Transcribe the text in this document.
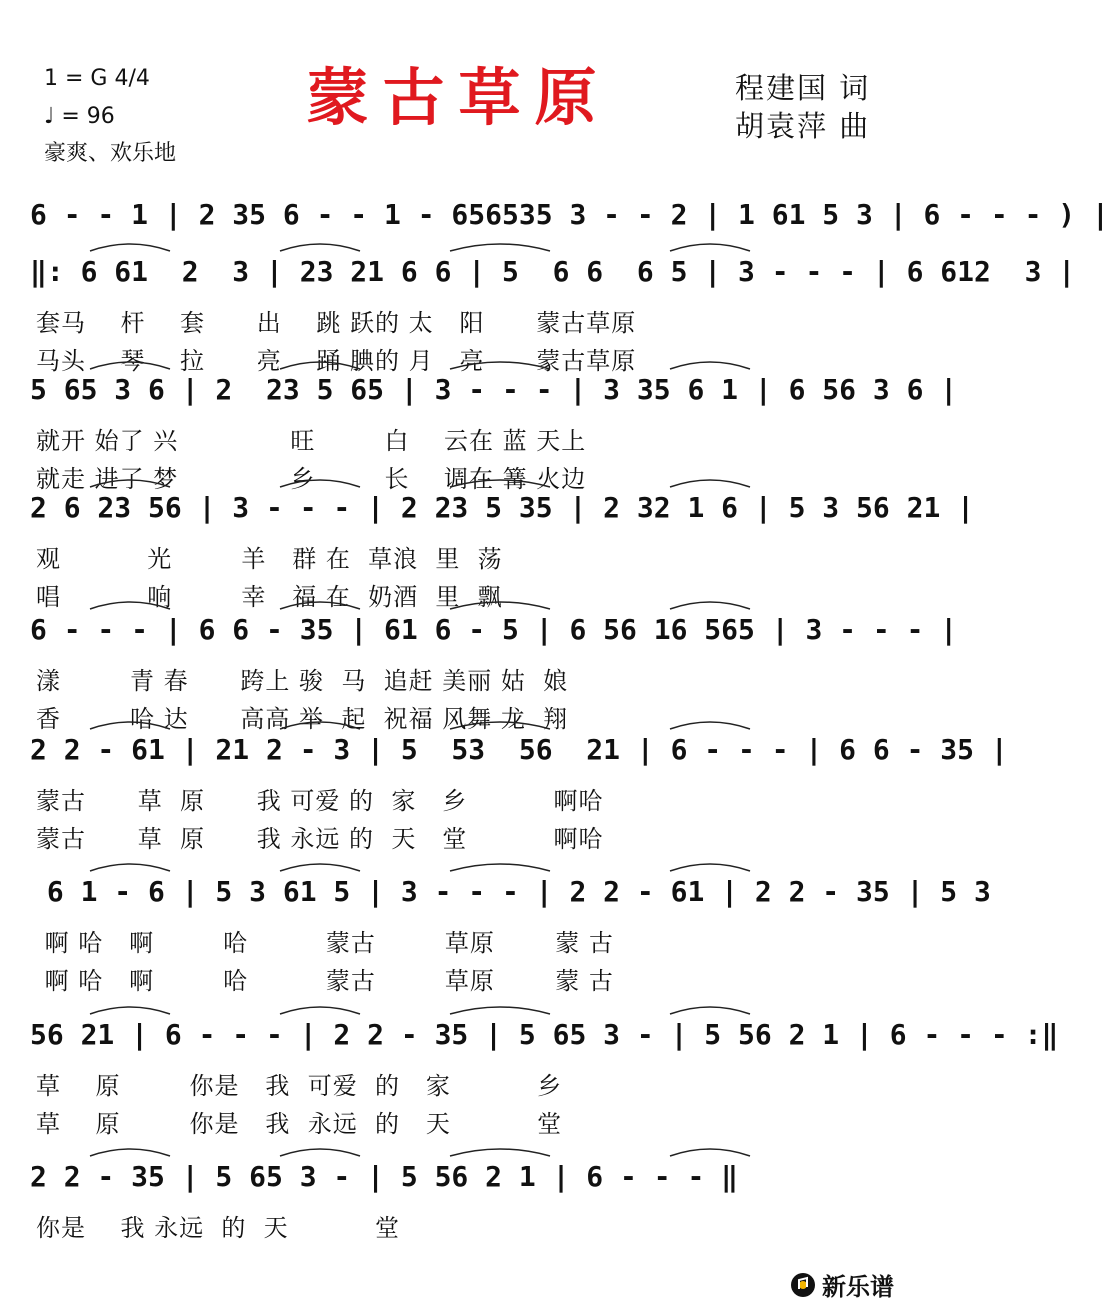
1 = G 4/4
♩ = 96
豪爽、欢乐地
蒙古草原	程建国 词
胡袁萍 曲
6 - - 1 | 2 35 6 - - 1 - 656535 3 - - 2 | 1 61 5 3 | 6 - - - ) |
‖: 6 61  2  3 | 23 21 6 6 | 5  6 6  6 5 | 3 - - - | 6 612  3 |
套马    杆    套      出    跳 跃的 太   阳      蒙古草原
马头    琴    拉      亮    踊 腆的 月   亮      蒙古草原
5 65 3 6 | 2  23 5 65 | 3 - - - | 3 35 6 1 | 6 56 3 6 |
就开 始了 兴             旺        白    云在 蓝 天上
就走 进了 梦             乡        长    调在 篝 火边
2 6 23 56 | 3 - - - | 2 23 5 35 | 2 32 1 6 | 5 3 56 21 |
观          光        羊   群 在  草浪  里  荡
唱          响        幸   福 在  奶酒  里  飘
6 - - - | 6 6 - 35 | 61 6 - 5 | 6 56 16 565 | 3 - - - |
漾        青 春      跨上 骏  马  追赶 美丽 姑  娘
香        哈 达      高高 举  起  祝福 风舞 龙  翔
2 2 - 61 | 21 2 - 3 | 5  53  56  21 | 6 - - - | 6 6 - 35 |
蒙古      草  原      我 可爱 的  家   乡          啊哈
蒙古      草  原      我 永远 的  天   堂          啊哈
6 1 - 6 | 5 3 61 5 | 3 - - - | 2 2 - 61 | 2 2 - 35 | 5 3
啊 哈   啊        哈         蒙古        草原       蒙 古
啊 哈   啊        哈         蒙古        草原       蒙 古
56 21 | 6 - - - | 2 2 - 35 | 5 65 3 - | 5 56 2 1 | 6 - - - :‖
草    原        你是   我  可爱  的   家          乡
草    原        你是   我  永远  的   天          堂
2 2 - 35 | 5 65 3 - | 5 56 2 1 | 6 - - - ‖
你是    我 永远  的  天          堂
新乐谱
